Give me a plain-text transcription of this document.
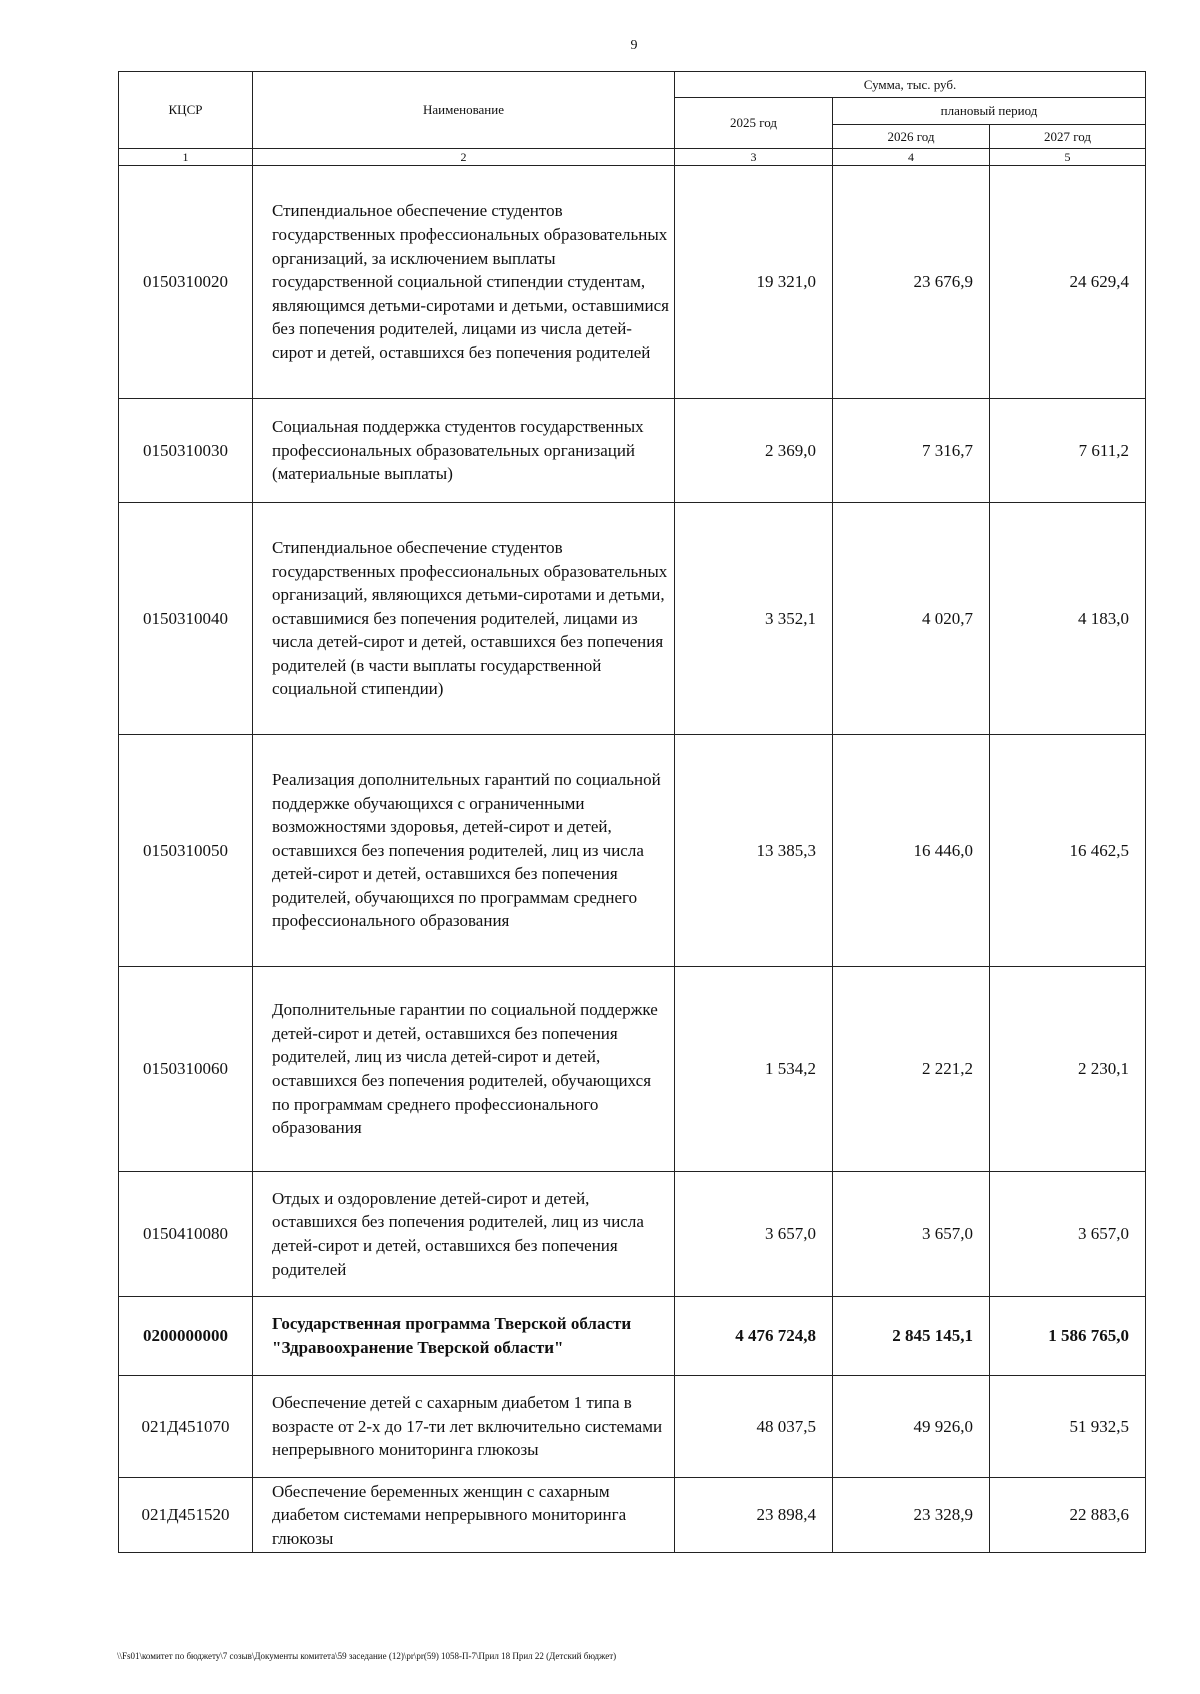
9
КЦСР	Наименование	Сумма, тыс. руб.		
		2025 год	плановый период	
			2026 год	2027 год
1	2	3	4	5
0150310020	Стипендиальное обеспечение студентов государственных профессиональных образовательных организаций, за исключением выплаты государственной социальной стипендии студентам, являющимся детьми-сиротами и детьми, оставшимися без попечения родителей, лицами из числа детей-сирот и детей, оставшихся без попечения родителей	19 321,0	23 676,9	24 629,4
0150310030	Социальная поддержка студентов государственных профессиональных образовательных организаций (материальные выплаты)	2 369,0	7 316,7	7 611,2
0150310040	Стипендиальное обеспечение студентов государственных профессиональных образовательных организаций, являющихся детьми-сиротами и детьми, оставшимися без попечения родителей, лицами из числа детей-сирот и детей, оставшихся без попечения родителей (в части выплаты государственной социальной стипендии)	3 352,1	4 020,7	4 183,0
0150310050	Реализация дополнительных гарантий по социальной поддержке обучающихся с ограниченными возможностями здоровья, детей-сирот и детей, оставшихся без попечения родителей, лиц из числа детей-сирот и детей, оставшихся без попечения родителей, обучающихся по программам среднего профессионального образования	13 385,3	16 446,0	16 462,5
0150310060	Дополнительные гарантии по социальной поддержке детей-сирот и детей, оставшихся без попечения родителей, лиц из числа детей-сирот и детей, оставшихся без попечения родителей, обучающихся по программам среднего профессионального образования	1 534,2	2 221,2	2 230,1
0150410080	Отдых и оздоровление детей-сирот и детей, оставшихся без попечения родителей, лиц из числа детей-сирот и детей, оставшихся без попечения родителей	3 657,0	3 657,0	3 657,0
0200000000	Государственная программа Тверской области "Здравоохранение Тверской области"	4 476 724,8	2 845 145,1	1 586 765,0
021Д451070	Обеспечение детей с сахарным диабетом 1 типа в возрасте от 2-х до 17-ти лет включительно системами непрерывного мониторинга глюкозы	48 037,5	49 926,0	51 932,5
021Д451520	Обеспечение беременных женщин с сахарным диабетом системами непрерывного мониторинга глюкозы	23 898,4	23 328,9	22 883,6
\\Fs01\комитет по бюджету\7 созыв\Документы комитета\59 заседание (12)\pr\pr(59) 1058-П-7\Прил 18 Прил 22 (Детский бюджет)
